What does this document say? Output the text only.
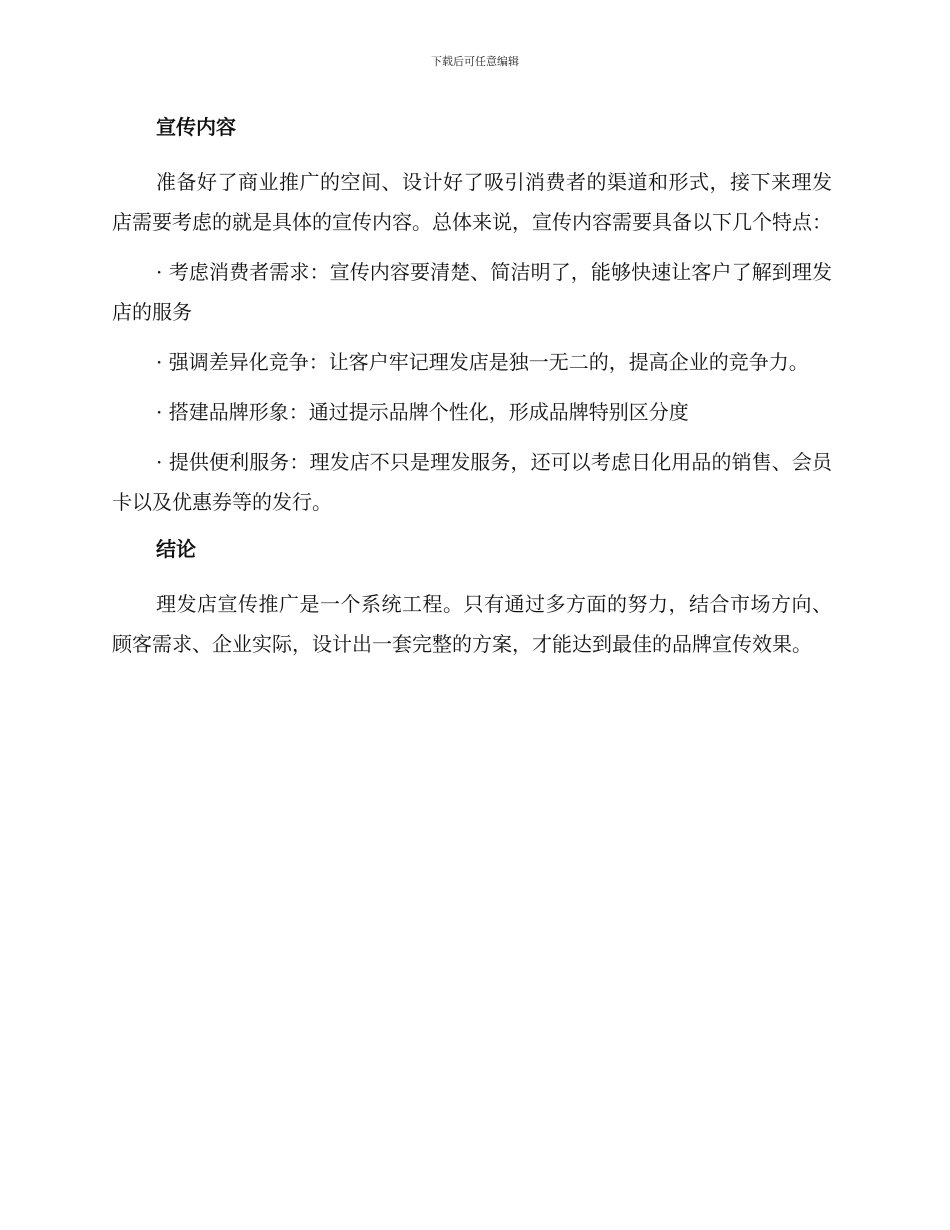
下载后可任意编辑
宣传内容

准备好了商业推广的空间、设计好了吸引消费者的渠道和形式，接下来理发店需要考虑的就是具体的宣传内容。总体来说，宣传内容需要具备以下几个特点：

· 考虑消费者需求：宣传内容要清楚、简洁明了，能够快速让客户了解到理发店的服务

· 强调差异化竞争：让客户牢记理发店是独一无二的，提高企业的竞争力。

· 搭建品牌形象：通过提示品牌个性化，形成品牌特别区分度

· 提供便利服务：理发店不只是理发服务，还可以考虑日化用品的销售、会员卡以及优惠券等的发行。

结论

理发店宣传推广是一个系统工程。只有通过多方面的努力，结合市场方向、顾客需求、企业实际，设计出一套完整的方案，才能达到最佳的品牌宣传效果。
